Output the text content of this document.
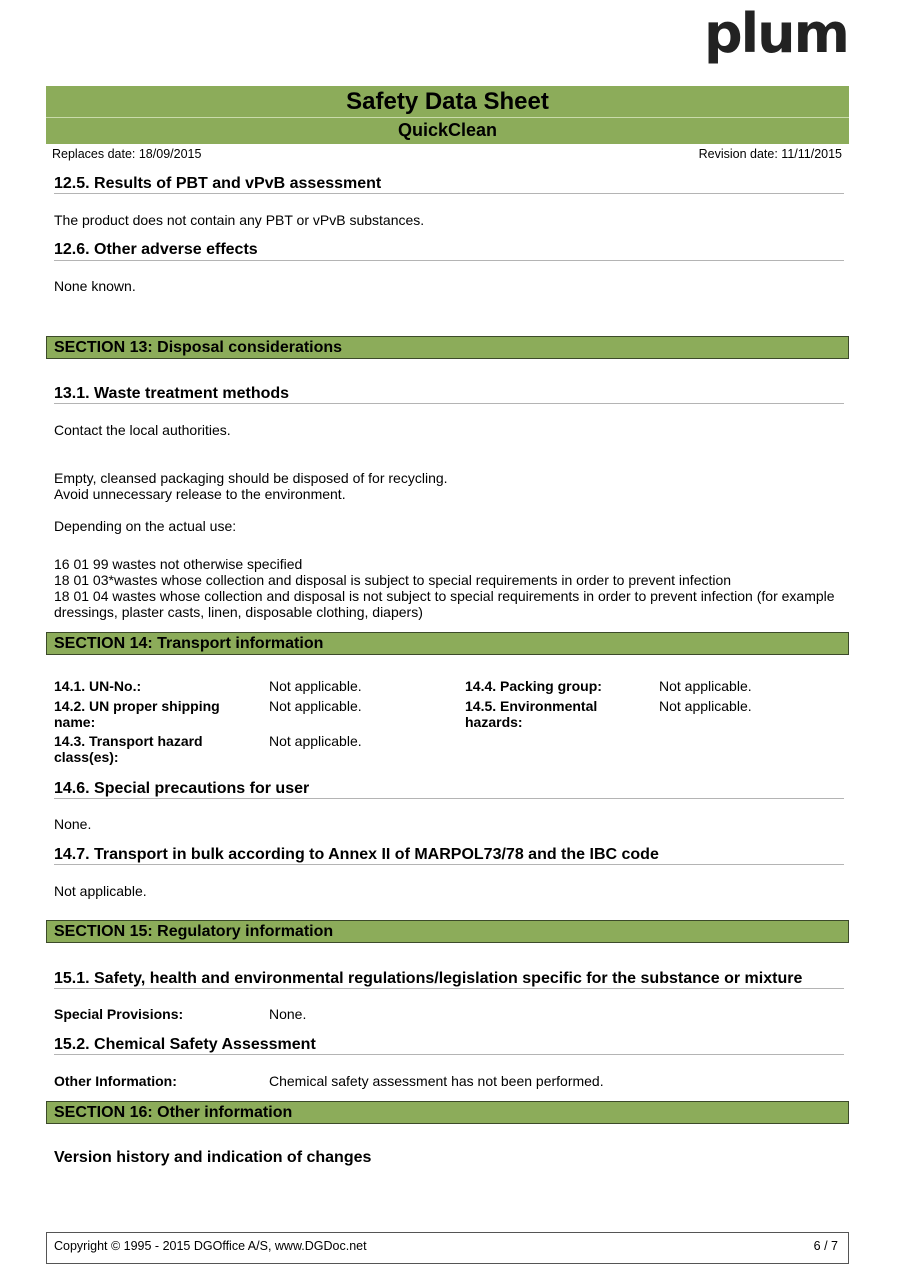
plum
Safety Data Sheet
QuickClean
Replaces date: 18/09/2015	Revision date: 11/11/2015
12.5. Results of PBT and vPvB assessment
The product does not contain any PBT or vPvB substances.
12.6. Other adverse effects
None known.
SECTION 13: Disposal considerations
13.1. Waste treatment methods
Contact the local authorities.
Empty, cleansed packaging should be disposed of for recycling.
Avoid unnecessary release to the environment.
Depending on the actual use:
16 01 99 wastes not otherwise specified
18 01 03*wastes whose collection and disposal is subject to special requirements in order to prevent infection
18 01 04 wastes whose collection and disposal is not subject to special requirements in order to prevent infection (for example
dressings, plaster casts, linen, disposable clothing, diapers)
SECTION 14: Transport information
14.1. UN-No.:	Not applicable.
14.2. UN proper shipping
name:
Not applicable.
14.3. Transport hazard
class(es):
Not applicable.
14.4. Packing group:	Not applicable.
14.5. Environmental
hazards:
Not applicable.
14.6. Special precautions for user
None.
14.7. Transport in bulk according to Annex II of MARPOL73/78 and the IBC code
Not applicable.
SECTION 15: Regulatory information
15.1. Safety, health and environmental regulations/legislation specific for the substance or mixture
Special Provisions:	None.
15.2. Chemical Safety Assessment
Other Information:	Chemical safety assessment has not been performed.
SECTION 16: Other information
Version history and indication of changes
Copyright © 1995 - 2015 DGOffice A/S, www.DGDoc.net	6 / 7
